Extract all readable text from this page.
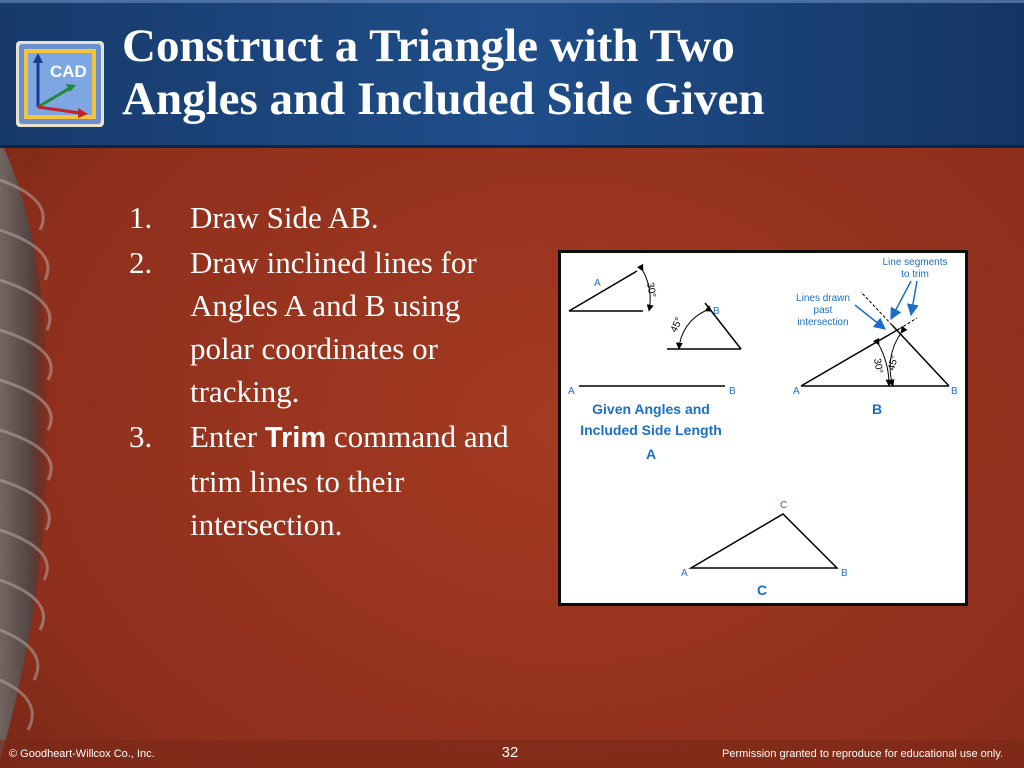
CAD Construct a Triangle with Two
Angles and Included Side Given
1. Draw Side AB.
2. Draw inclined lines for Angles A and B using polar coordinates or tracking.
3. Enter Trim command and trim lines to their intersection.
30°
A
45°
B
A	B
Given Angles and
Included Side Length
A
30° 45°
A	B
Line segments
to trim
Lines drawn
past
intersection
B
A	B
C
C
© Goodheart-Willcox Co., Inc.	32	Permission granted to reproduce for educational use only.
